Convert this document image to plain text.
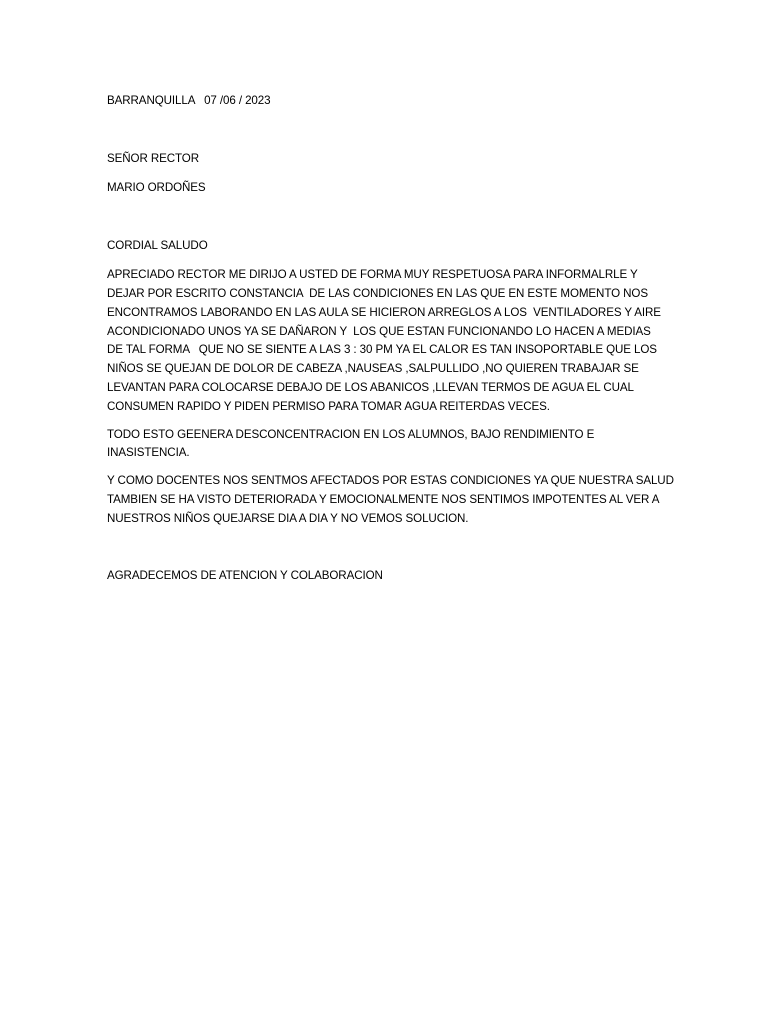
BARRANQUILLA   07 /06 / 2023

SEÑOR RECTOR

MARIO ORDOÑES

CORDIAL SALUDO

APRECIADO RECTOR ME DIRIJO A USTED DE FORMA MUY RESPETUOSA PARA INFORMALRLE Y
DEJAR POR ESCRITO CONSTANCIA  DE LAS CONDICIONES EN LAS QUE EN ESTE MOMENTO NOS
ENCONTRAMOS LABORANDO EN LAS AULA SE HICIERON ARREGLOS A LOS  VENTILADORES Y AIRE
ACONDICIONADO UNOS YA SE DAÑARON Y  LOS QUE ESTAN FUNCIONANDO LO HACEN A MEDIAS
DE TAL FORMA   QUE NO SE SIENTE A LAS 3 : 30 PM YA EL CALOR ES TAN INSOPORTABLE QUE LOS
NIÑOS SE QUEJAN DE DOLOR DE CABEZA ,NAUSEAS ,SALPULLIDO ,NO QUIEREN TRABAJAR SE
LEVANTAN PARA COLOCARSE DEBAJO DE LOS ABANICOS ,LLEVAN TERMOS DE AGUA EL CUAL
CONSUMEN RAPIDO Y PIDEN PERMISO PARA TOMAR AGUA REITERDAS VECES.

TODO ESTO GEENERA DESCONCENTRACION EN LOS ALUMNOS, BAJO RENDIMIENTO E
INASISTENCIA.

Y COMO DOCENTES NOS SENTMOS AFECTADOS POR ESTAS CONDICIONES YA QUE NUESTRA SALUD
TAMBIEN SE HA VISTO DETERIORADA Y EMOCIONALMENTE NOS SENTIMOS IMPOTENTES AL VER A
NUESTROS NIÑOS QUEJARSE DIA A DIA Y NO VEMOS SOLUCION.

AGRADECEMOS DE ATENCION Y COLABORACION
